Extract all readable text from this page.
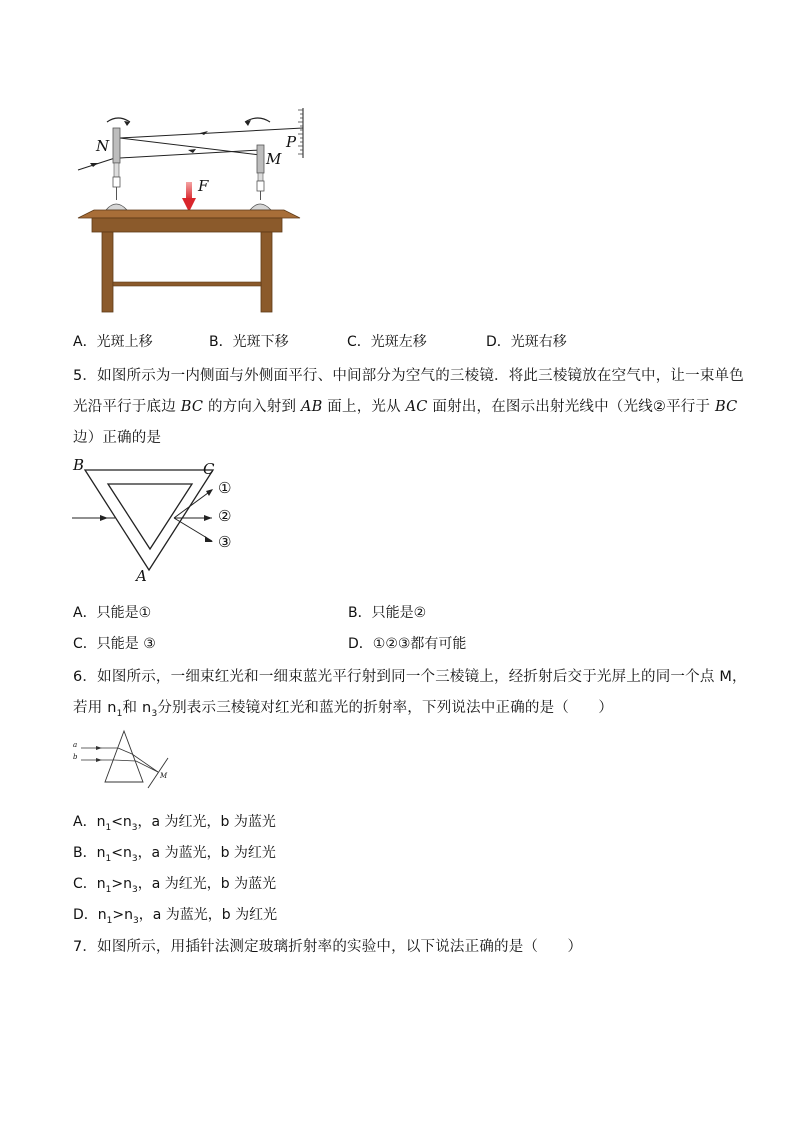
N
M
P
F
A．光斑上移	B．光斑下移	C．光斑左移	D．光斑右移
5．如图所示为一内侧面与外侧面平行、中间部分为空气的三棱镜．将此三棱镜放在空气中，让一束单色
光沿平行于底边 BC 的方向入射到 AB 面上，光从 AC 面射出，在图示出射光线中（光线②平行于 BC
边）正确的是
B	C
A
①
②
③
A．只能是①	B．只能是②
C．只能是 ③	D．①②③都有可能
6．如图所示，一细束红光和一细束蓝光平行射到同一个三棱镜上，经折射后交于光屏上的同一个点 M，
若用 $n_1$和 $n_3$分别表示三棱镜对红光和蓝光的折射率，下列说法中正确的是（　　）
a
b
M
A．$n_1<n_3$，a 为红光，b 为蓝光
B．$n_1<n_3$，a 为蓝光，b 为红光
C．$n_1>n_3$，a 为红光，b 为蓝光
D．$n_1>n_3$，a 为蓝光，b 为红光
7．如图所示，用插针法测定玻璃折射率的实验中，以下说法正确的是（　　）
